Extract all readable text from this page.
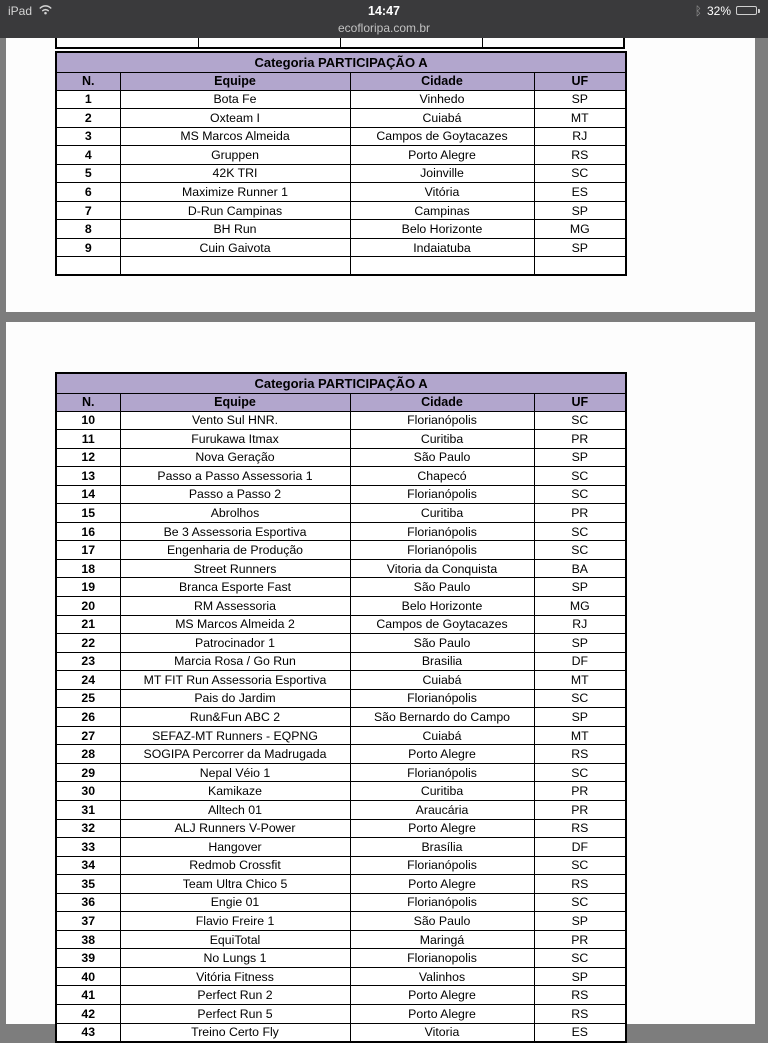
14:47
iPad	ᛒ 32%
ecofloripa.com.br

Categoria PARTICIPAÇÃO A			
N.	Equipe	Cidade	UF
1	Bota Fe	Vinhedo	SP
2	Oxteam I	Cuiabá	MT
3	MS Marcos Almeida	Campos de Goytacazes	RJ
4	Gruppen	Porto Alegre	RS
5	42K TRI	Joinville	SC
6	Maximize Runner 1	Vitória	ES
7	D-Run Campinas	Campinas	SP
8	BH Run	Belo Horizonte	MG
9	Cuin Gaivota	Indaiatuba	SP

Categoria PARTICIPAÇÃO A			
N.	Equipe	Cidade	UF
10	Vento Sul HNR.	Florianópolis	SC
11	Furukawa Itmax	Curitiba	PR
12	Nova Geração	São Paulo	SP
13	Passo a Passo Assessoria 1	Chapecó	SC
14	Passo a Passo 2	Florianópolis	SC
15	Abrolhos	Curitiba	PR
16	Be 3 Assessoria Esportiva	Florianópolis	SC
17	Engenharia de Produção	Florianópolis	SC
18	Street Runners	Vitoria da Conquista	BA
19	Branca Esporte Fast	São Paulo	SP
20	RM Assessoria	Belo Horizonte	MG
21	MS Marcos Almeida 2	Campos de Goytacazes	RJ
22	Patrocinador 1	São Paulo	SP
23	Marcia Rosa / Go Run	Brasilia	DF
24	MT FIT Run Assessoria Esportiva	Cuiabá	MT
25	Pais do Jardim	Florianópolis	SC
26	Run&Fun ABC 2	São Bernardo do Campo	SP
27	SEFAZ-MT Runners - EQPNG	Cuiabá	MT
28	SOGIPA Percorrer da Madrugada	Porto Alegre	RS
29	Nepal Véio 1	Florianópolis	SC
30	Kamikaze	Curitiba	PR
31	Alltech 01	Araucária	PR
32	ALJ Runners V-Power	Porto Alegre	RS
33	Hangover	Brasília	DF
34	Redmob Crossfit	Florianópolis	SC
35	Team Ultra Chico 5	Porto Alegre	RS
36	Engie 01	Florianópolis	SC
37	Flavio Freire 1	São Paulo	SP
38	EquiTotal	Maringá	PR
39	No Lungs 1	Florianopolis	SC
40	Vitória Fitness	Valinhos	SP
41	Perfect Run 2	Porto Alegre	RS
42	Perfect Run 5	Porto Alegre	RS
43	Treino Certo Fly	Vitoria	ES
